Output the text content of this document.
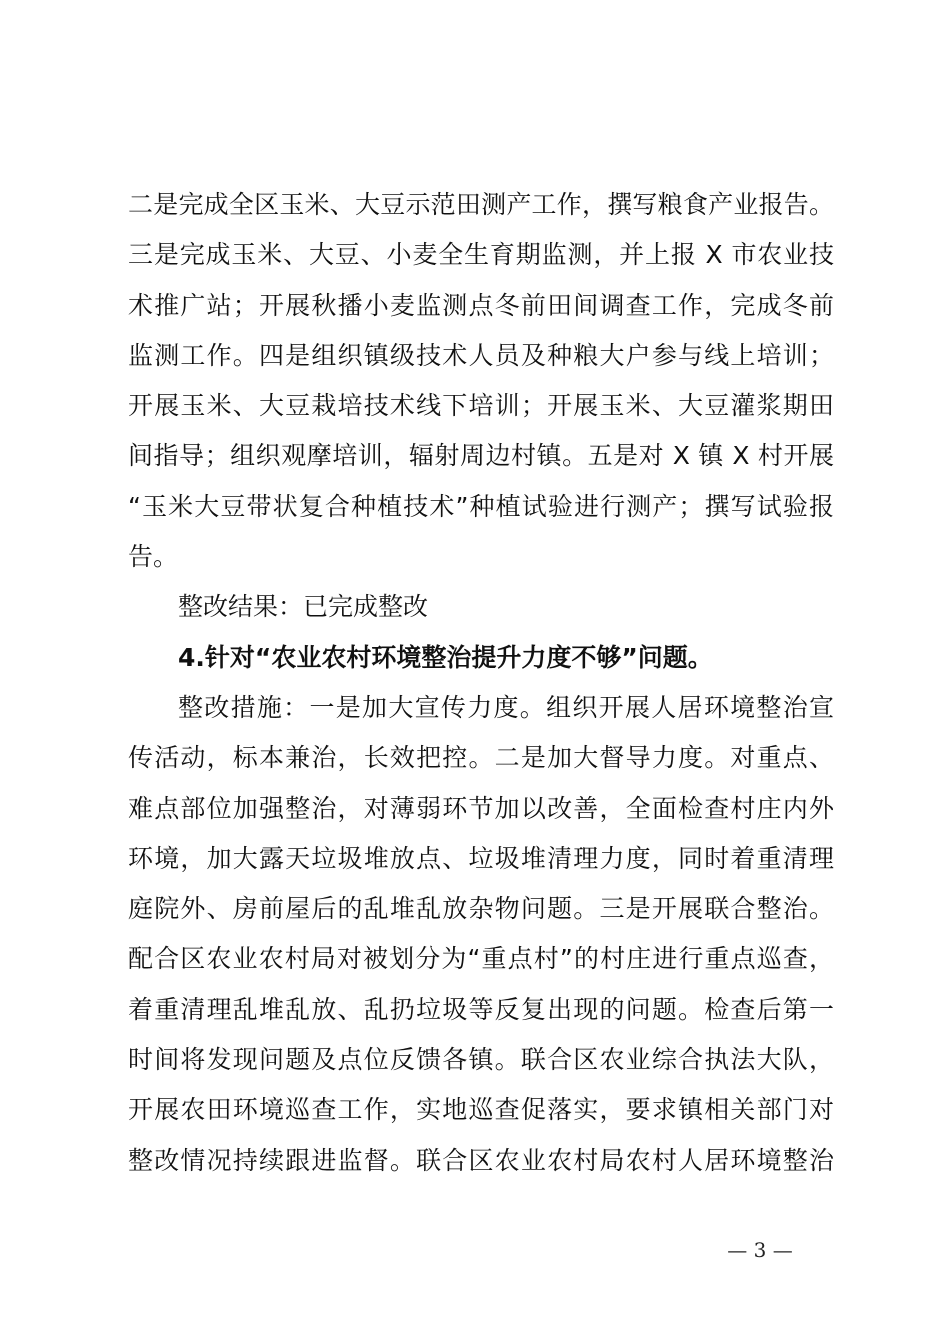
二是完成全区玉米、大豆示范田测产工作，撰写粮食产业报告。
三是完成玉米、大豆、小麦全生育期监测，并上报 X 市农业技
术推广站；开展秋播小麦监测点冬前田间调查工作，完成冬前
监测工作。四是组织镇级技术人员及种粮大户参与线上培训；
开展玉米、大豆栽培技术线下培训；开展玉米、大豆灌浆期田
间指导；组织观摩培训，辐射周边村镇。五是对 X 镇 X 村开展
“玉米大豆带状复合种植技术”种植试验进行测产；撰写试验报
告。
整改结果：已完成整改
4.针对“农业农村环境整治提升力度不够”问题。
整改措施：一是加大宣传力度。组织开展人居环境整治宣
传活动，标本兼治，长效把控。二是加大督导力度。对重点、
难点部位加强整治，对薄弱环节加以改善，全面检查村庄内外
环境，加大露天垃圾堆放点、垃圾堆清理力度，同时着重清理
庭院外、房前屋后的乱堆乱放杂物问题。三是开展联合整治。
配合区农业农村局对被划分为“重点村”的村庄进行重点巡查，
着重清理乱堆乱放、乱扔垃圾等反复出现的问题。检查后第一
时间将发现问题及点位反馈各镇。联合区农业综合执法大队，
开展农田环境巡查工作，实地巡查促落实，要求镇相关部门对
整改情况持续跟进监督。联合区农业农村局农村人居环境整治
— 3 —
